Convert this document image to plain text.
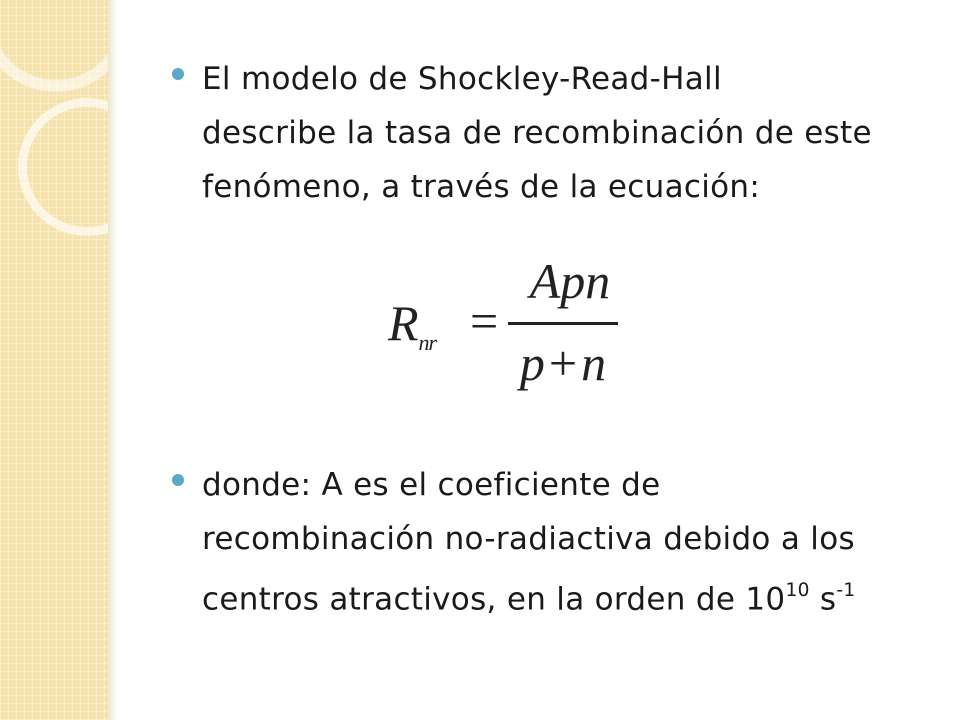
El modelo de Shockley-Read-Hall
describe la tasa de recombinación de este
fenómeno, a través de la ecuación:
$R_{nr}$ =
Apn
p+n
donde: A es el coeficiente de
recombinación no-radiactiva debido a los
centros atractivos, en la orden de $10^{10}$ $s^{-1}$
